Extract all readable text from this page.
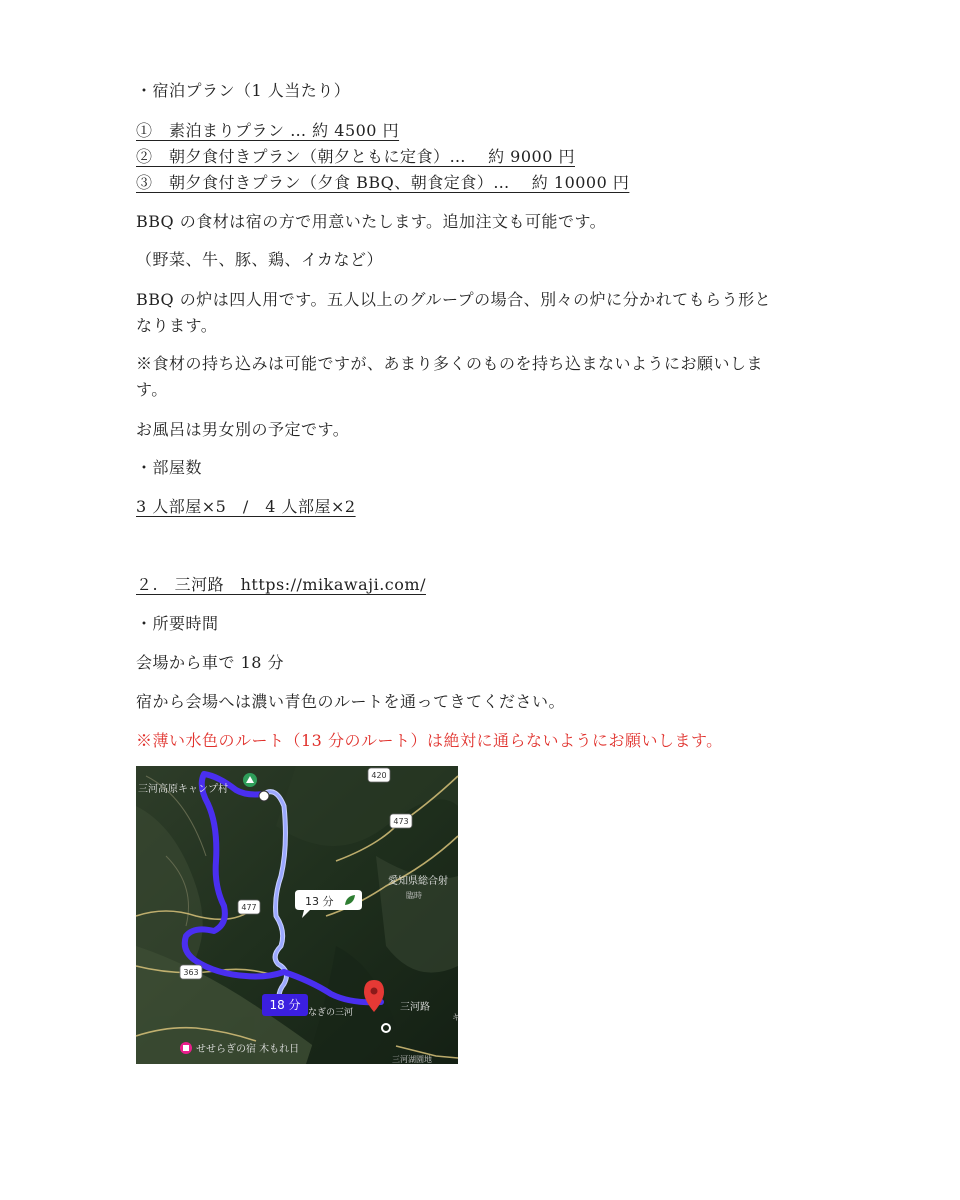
・宿泊プラン（1 人当たり）
①　素泊まりプラン … 約 4500 円
②　朝夕食付きプラン（朝夕ともに定食）…　 約 9000 円
③　朝夕食付きプラン（夕食 BBQ、朝食定食）…　 約 10000 円
BBQ の食材は宿の方で用意いたします。追加注文も可能です。
（野菜、牛、豚、鶏、イカなど）
BBQ の炉は四人用です。五人以上のグループの場合、別々の炉に分かれてもらう形と
なります。
※食材の持ち込みは可能ですが、あまり多くのものを持ち込まないようにお願いしま
す。
お風呂は男女別の予定です。
・部屋数
3 人部屋×5　/　4 人部屋×2
２.　三河路　https://mikawaji.com/
・所要時間
会場から車で 18 分
宿から会場へは濃い青色のルートを通ってきてください。
※薄い水色のルート（13 分のルート）は絶対に通らないようにお願いします。
三河高原キャンプ村
420
473
477
363
13 分
18 分
愛知県総合射
臨時
三河路
キ
なぎの三河
せせらぎの宿 木もれ日
三河湖園地
